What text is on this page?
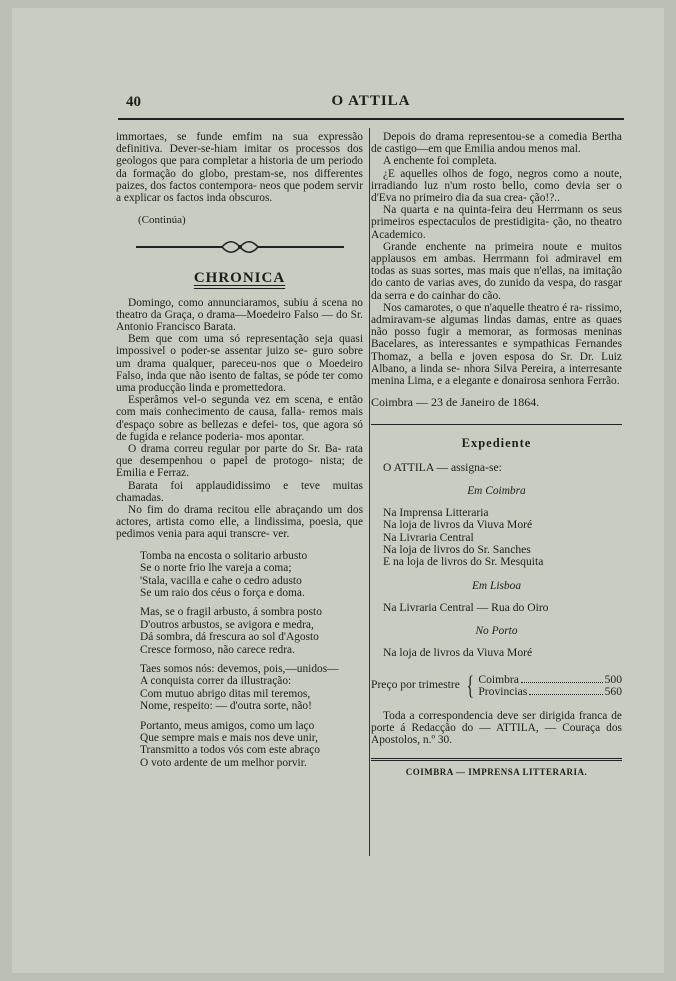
40	O ATTILA

immortaes, se funde emfim na sua expressão definitiva. Dever-se-hiam imitar os processos dos geologos que para completar a historia de um periodo da formação do globo, prestam-se, nos differentes paizes, dos factos contempora- neos que podem servir a explicar os factos inda obscuros.

(Continúa)

CHRONICA

Domingo, como annunciaramos, subiu á scena no theatro da Graça, o drama—Moedeiro Falso — do Sr. Antonio Francisco Barata.

Bem que com uma só representação seja quasi impossivel o poder-se assentar juizo se- guro sobre um drama qualquer, pareceu-nos que o Moedeiro Falso, inda que não isento de faltas, se póde ter como uma producção linda e promettedora.

Esperâmos vel-o segunda vez em scena, e então com mais conhecimento de causa, falla- remos mais d'espaço sobre as bellezas e defei- tos, que agora só de fugida e relance poderia- mos apontar.

O drama correu regular por parte do Sr. Ba- rata que desempenhou o papel de protogo- nista; de Emilia e Ferraz.

Barata foi applaudidissimo e teve muitas chamadas.

No fim do drama recitou elle abraçando um dos actores, artista como elle, a lindissima, poesia, que pedimos venia para aqui transcre- ver.

Tomba na encosta o solitario arbusto

Se o norte frio lhe vareja a coma;

'Stala, vacilla e cahe o cedro adusto

Se um raio dos céus o força e doma.

Mas, se o fragil arbusto, á sombra posto

D'outros arbustos, se avigora e medra,

Dá sombra, dá frescura ao sol d'Agosto

Cresce formoso, não carece redra.

Taes somos nós: devemos, pois,—unidos—

A conquista correr da illustração:

Com mutuo abrigo ditas mil teremos,

Nome, respeito: — d'outra sorte, não!

Portanto, meus amigos, como um laço

Que sempre mais e mais nos deve unir,

Transmitto a todos vós com este abraço

O voto ardente de um melhor porvir.

Depois do drama representou-se a comedia Bertha de castigo—em que Emilia andou menos mal.

A enchente foi completa.

¿E aquelles olhos de fogo, negros como a noute, irradiando luz n'um rosto bello, como devia ser o d'Eva no primeiro dia da sua crea- ção!?..

Na quarta e na quinta-feira deu Herrmann os seus primeiros espectaculos de prestidigita- ção, no theatro Academico.

Grande enchente na primeira noute e muitos applausos em ambas. Herrmann foi admiravel em todas as suas sortes, mas mais que n'ellas, na imitação do canto de varias aves, do zunido da vespa, do rasgar da serra e do cainhar do cão.

Nos camarotes, o que n'aquelle theatro é ra- rissimo, admiravam-se algumas lindas damas, entre as quaes não posso fugir a memorar, as formosas meninas Bacelares, as interessantes e sympathicas Fernandes Thomaz, a bella e joven esposa do Sr. Dr. Luiz Albano, a linda se- nhora Silva Pereira, a interresante menina Lima, e a elegante e donairosa senhora Ferrão.

Coimbra — 23 de Janeiro de 1864.

Expediente

O ATTILA — assigna-se:

Em Coimbra

Na Imprensa Litteraria

Na loja de livros da Viuva Moré

Na Livraria Central

Na loja de livros do Sr. Sanches

E na loja de livros do Sr. Mesquita

Em Lisboa

Na Livraria Central — Rua do Oiro

No Porto

Na loja de livros da Viuva Moré

Preço por trimestre { Coimbra	500
Provincias	560

Toda a correspondencia deve ser dirigida franca de porte á Redacção do — ATTILA, — Couraça dos Apostolos, n.º 30.

COIMBRA — IMPRENSA LITTERARIA.
